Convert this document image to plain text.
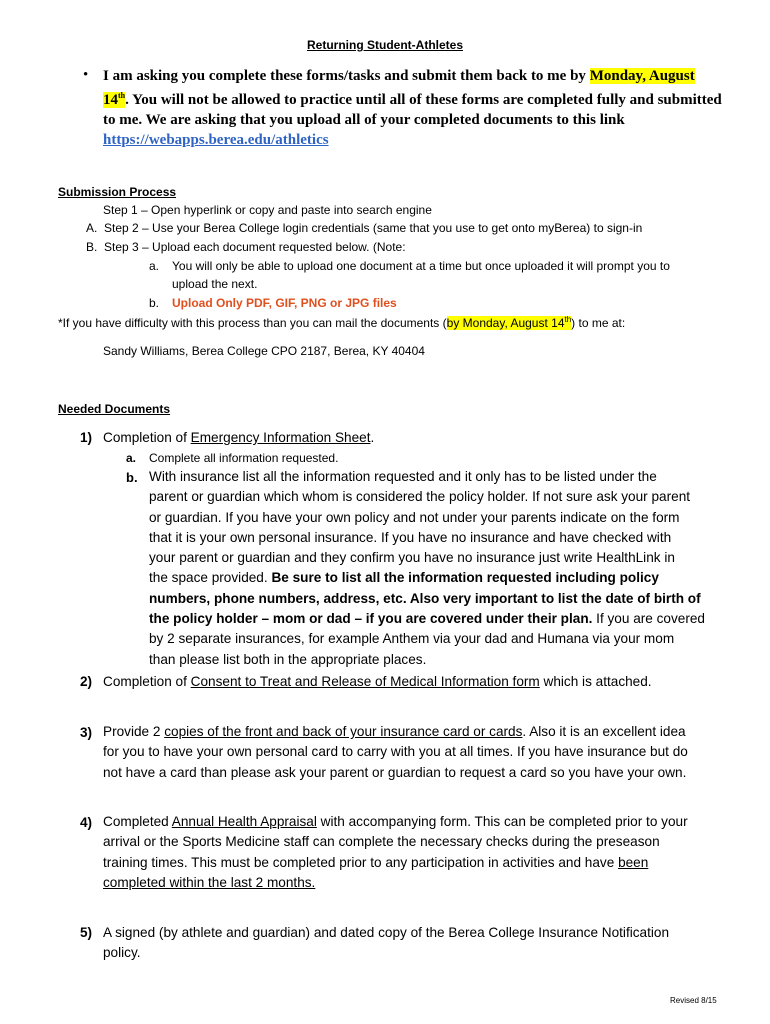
Returning Student-Athletes
• I am asking you complete these forms/tasks and submit them back to me by Monday, August 14th. You will not be allowed to practice until all of these forms are completed fully and submitted to me. We are asking that you upload all of your completed documents to this link https://webapps.berea.edu/athletics
Submission Process
Step 1 – Open hyperlink or copy and paste into search engine
A. Step 2 – Use your Berea College login credentials (same that you use to get onto myBerea) to sign-in
B. Step 3 – Upload each document requested below. (Note:
a. You will only be able to upload one document at a time but once uploaded it will prompt you to
upload the next.
b. Upload Only PDF, GIF, PNG or JPG files
*If you have difficulty with this process than you can mail the documents (by Monday, August 14th) to me at:
Sandy Williams, Berea College CPO 2187, Berea, KY 40404
Needed Documents
1) Completion of Emergency Information Sheet.
a. Complete all information requested.
b. With insurance list all the information requested and it only has to be listed under the
parent or guardian which whom is considered the policy holder. If not sure ask your parent
or guardian. If you have your own policy and not under your parents indicate on the form
that it is your own personal insurance. If you have no insurance and have checked with
your parent or guardian and they confirm you have no insurance just write HealthLink in
the space provided. Be sure to list all the information requested including policy
numbers, phone numbers, address, etc. Also very important to list the date of birth of
the policy holder – mom or dad – if you are covered under their plan. If you are covered
by 2 separate insurances, for example Anthem via your dad and Humana via your mom
than please list both in the appropriate places.
2) Completion of Consent to Treat and Release of Medical Information form which is attached.
3) Provide 2 copies of the front and back of your insurance card or cards. Also it is an excellent idea
for you to have your own personal card to carry with you at all times. If you have insurance but do
not have a card than please ask your parent or guardian to request a card so you have your own.
4) Completed Annual Health Appraisal with accompanying form. This can be completed prior to your
arrival or the Sports Medicine staff can complete the necessary checks during the preseason
training times. This must be completed prior to any participation in activities and have been
completed within the last 2 months.
5) A signed (by athlete and guardian) and dated copy of the Berea College Insurance Notification
policy.
Revised 8/15
